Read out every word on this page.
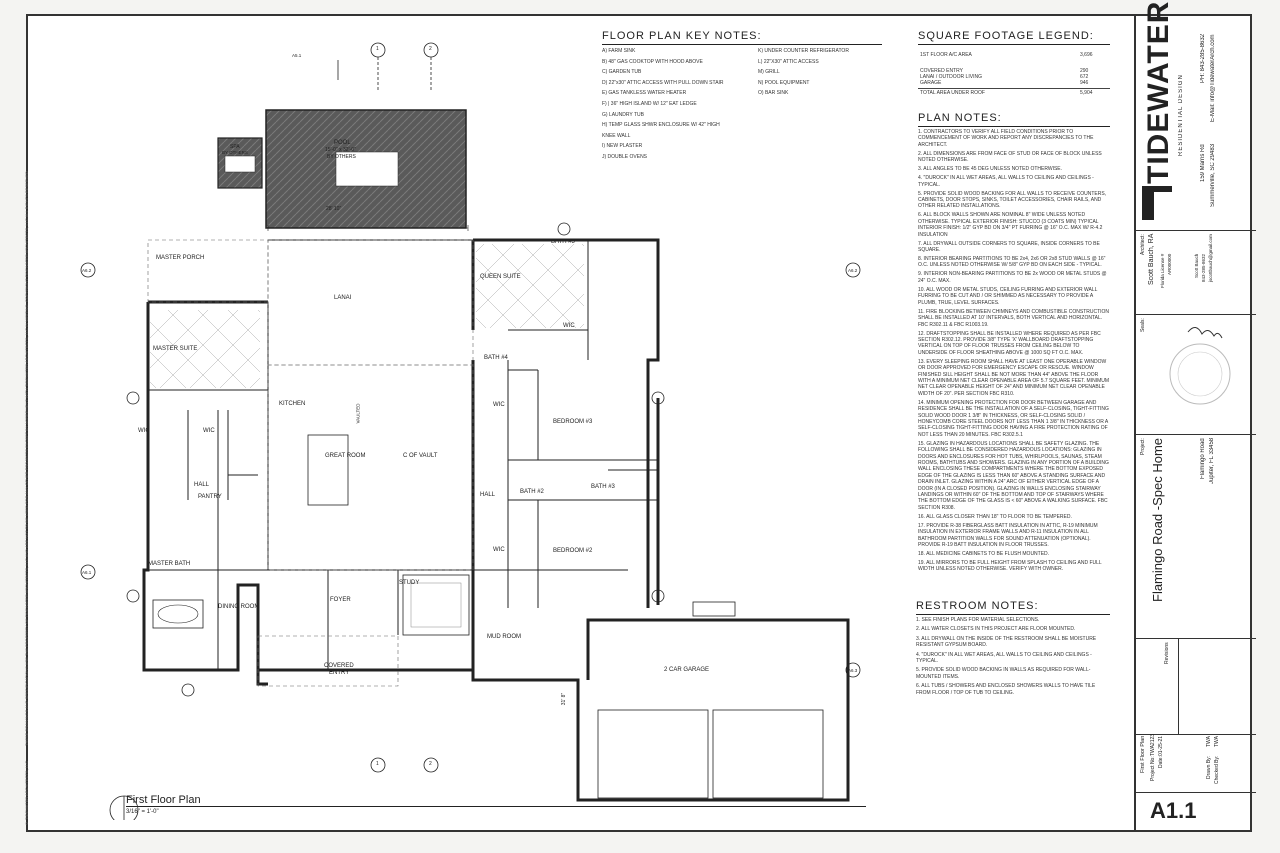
THESE DRAWINGS AND SPECIFICATIONS ARE THE PROPERTY OF TIDEWATER ARCHITECTS, LLC AND ARE NOT TO BE USED FOR ANY OTHER PROJECTS EXCEPT BY AGREEMENT WITH TIDEWATER ARCHITECTS, LLC IN WRITING. COPYRIGHT TIDEWATER ARCHITECTS, LLC ALL RIGHTS RESERVED
© TIDEWATER ARCHITECTS, LLC
POOL
15'-0" x 32'-0"
BY OTHERS
SPA
BY OTHERS
28' 10"
MASTER PORCH
LANAI
QUEEN SUITE
BATH #5
WIC
BATH #4
MASTER SUITE
KITCHEN
GREAT ROOM	C OF VAULT
HALL
HALL
WIC	WIC
WIC
WIC
PANTRY
BEDROOM #3
BATH #2
BATH #3
BEDROOM #2
MASTER BATH
DINING ROOM
FOYER
STUDY
MUD ROOM
COVERED
ENTRY	2 CAR GARAGE
VAULTED
31' 8"
A5.1
A6.2
A6.1
A6.2
A6.3
1	2
1	2
First Floor Plan
3/16" = 1'-0"
FLOOR PLAN KEY NOTES:
A) FARM SINK
B) 48" GAS COOKTOP WITH HOOD ABOVE
C) GARDEN TUB
D) 22"x30" ATTIC ACCESS WITH PULL DOWN STAIR
E) GAS TANKLESS WATER HEATER
F) | 36" HIGH ISLAND W/ 12" EAT LEDGE
G) LAUNDRY TUB
H) TEMP GLASS SHWR ENCLOSURE W/ 42" HIGH
KNEE WALL
I) NEW PLASTER
J) DOUBLE OVENS
K) UNDER COUNTER REFRIGERATOR
L) 22"X30" ATTIC ACCESS
M) GRILL
N) POOL EQUIPMENT
O) BAR SINK
SQUARE FOOTAGE LEGEND:
1ST FLOOR A/C AREA	3,696
COVERED ENTRY	290
LANAI / OUTDOOR LIVING	672
GARAGE	946
TOTAL AREA UNDER ROOF	5,904
PLAN NOTES:
1. CONTRACTORS TO VERIFY ALL FIELD CONDITIONS PRIOR TO COMMENCEMENT OF WORK AND REPORT ANY DISCREPANCIES TO THE ARCHITECT.
2. ALL DIMENSIONS ARE FROM FACE OF STUD OR FACE OF BLOCK UNLESS NOTED OTHERWISE.
3. ALL ANGLES TO BE 45 DEG UNLESS NOTED OTHERWISE.
4. "DUROCK" IN ALL WET AREAS, ALL WALLS TO CEILING AND CEILINGS - TYPICAL.
5. PROVIDE SOLID WOOD BACKING FOR ALL WALLS TO RECEIVE COUNTERS, CABINETS, DOOR STOPS, SINKS, TOILET ACCESSORIES, CHAIR RAILS, AND OTHER RELATED INSTALLATIONS.
6. ALL BLOCK WALLS SHOWN ARE NOMINAL 8" WIDE UNLESS NOTED OTHERWISE. TYPICAL EXTERIOR FINISH: STUCCO (3 COATS MIN) TYPICAL INTERIOR FINISH: 1/2" GYP BD ON 3/4" PT FURRING @ 16" O.C. MAX W/ R-4.2 INSULATION
7. ALL DRYWALL OUTSIDE CORNERS TO SQUARE, INSIDE CORNERS TO BE SQUARE.
8. INTERIOR BEARING PARTITIONS TO BE 2x4, 2x6 OR 2x8 STUD WALLS @ 16" O.C. UNLESS NOTED OTHERWISE W/ 5/8" GYP BD ON EACH SIDE - TYPICAL.
9. INTERIOR NON-BEARING PARTITIONS TO BE 2x WOOD OR METAL STUDS @ 24" O.C. MAX.
10. ALL WOOD OR METAL STUDS, CEILING FURRING AND EXTERIOR WALL FURRING TO BE CUT AND / OR SHIMMED AS NECESSARY TO PROVIDE A PLUMB, TRUE, LEVEL SURFACES.
11. FIRE BLOCKING BETWEEN CHIMNEYS AND COMBUSTIBLE CONSTRUCTION SHALL BE INSTALLED AT 10' INTERVALS, BOTH VERTICAL AND HORIZONTAL. FBC R302.11 & FBC R1003.19.
12. DRAFTSTOPPING SHALL BE INSTALLED WHERE REQUIRED AS PER FBC SECTION R302.12. PROVIDE 3/8" TYPE 'X' WALLBOARD DRAFTSTOPPING VERTICAL ON TOP OF FLOOR TRUSSES FROM CEILING BELOW TO UNDERSIDE OF FLOOR SHEATHING ABOVE @ 1000 SQ FT O.C. MAX.
13. EVERY SLEEPING ROOM SHALL HAVE AT LEAST ONE OPERABLE WINDOW OR DOOR APPROVED FOR EMERGENCY ESCAPE OR RESCUE. WINDOW FINISHED SILL HEIGHT SHALL BE NOT MORE THAN 44" ABOVE THE FLOOR WITH A MINIMUM NET CLEAR OPENABLE AREA OF 5.7 SQUARE FEET. MINIMUM NET CLEAR OPENABLE HEIGHT OF 24" AND MINIMUM NET CLEAR OPENABLE WIDTH OF 20". PER SECTION FBC R310.
14. MINIMUM OPENING PROTECTION FOR DOOR BETWEEN GARAGE AND RESIDENCE SHALL BE THE INSTALLATION OF A SELF-CLOSING, TIGHT-FITTING SOLID WOOD DOOR 1 3/8" IN THICKNESS, OR SELF-CLOSING SOLID / HONEYCOMB CORE STEEL DOORS NOT LESS THAN 1 3/8" IN THICKNESS OR A SELF-CLOSING TIGHT-FITTING DOOR HAVING A FIRE PROTECTION RATING OF NOT LESS THAN 20 MINUTES. FBC R302.5.1
15. GLAZING IN HAZARDOUS LOCATIONS SHALL BE SAFETY GLAZING. THE FOLLOWING SHALL BE CONSIDERED HAZARDOUS LOCATIONS: GLAZING IN DOORS AND ENCLOSURES FOR HOT TUBS, WHIRLPOOLS, SAUNAS, STEAM ROOMS, BATHTUBS AND SHOWERS. GLAZING IN ANY PORTION OF A BUILDING WALL ENCLOSING THESE COMPARTMENTS WHERE THE BOTTOM EXPOSED EDGE OF THE GLAZING IS LESS THAN 60" ABOVE A STANDING SURFACE AND DRAIN INLET. GLAZING WITHIN A 24" ARC OF EITHER VERTICAL EDGE OF A DOOR (IN A CLOSED POSITION). GLAZING IN WALLS ENCLOSING STAIRWAY LANDINGS OR WITHIN 60" OF THE BOTTOM AND TOP OF STAIRWAYS WHERE THE BOTTOM EDGE OF THE GLASS IS < 60" ABOVE A WALKING SURFACE. FBC SECTION R308.
16. ALL GLASS CLOSER THAN 18" TO FLOOR TO BE TEMPERED.
17. PROVIDE R-38 FIBERGLASS BATT INSULATION IN ATTIC, R-19 MINIMUM INSULATION IN EXTERIOR FRAME WALLS AND R-11 INSULATION IN ALL BATHROOM PARTITION WALLS FOR SOUND ATTENUATION (OPTIONAL). PROVIDE R-19 BATT INSULATION IN FLOOR TRUSSES.
18. ALL MEDICINE CABINETS TO BE FLUSH MOUNTED.
19. ALL MIRRORS TO BE FULL HEIGHT FROM SPLASH TO CEILING AND FULL WIDTH UNLESS NOTED OTHERWISE. VERIFY WITH OWNER.
RESTROOM NOTES:
1. SEE FINISH PLANS FOR MATERIAL SELECTIONS.
2. ALL WATER CLOSETS IN THIS PROJECT ARE FLOOR MOUNTED.
3. ALL DRYWALL ON THE INSIDE OF THE RESTROOM SHALL BE MOISTURE RESISTANT GYPSUM BOARD.
4. "DUROCK" IN ALL WET AREAS, ALL WALLS TO CEILING AND CEILINGS - TYPICAL.
5. PROVIDE SOLID WOOD BACKING IN WALLS AS REQUIRED FOR WALL-MOUNTED ITEMS.
6. ALL TUBS / SHOWERS AND ENCLOSED SHOWERS WALLS TO HAVE TILE FROM FLOOR / TOP OF TUB TO CEILING.
TIDEWATER RESIDENTIAL DESIGN
159 Marris Rd Summerville, SC 29483
PH: 843-285-8632 E-Mail: info@TidewaterArch.com
Architect: Scott Bauch, RA Florida License # AR000000	Scott Bauch 843-285-8632 jscottbauch@gmail.com
Seals:
Project: Flamingo Road -Spec Home	Flamingo Road Jupiter, FL 33458
Revisions
First Floor Plan Project No:
TWA2123
Date:
01-25-21
Drawn By:
TWA
Checked By:
TWA
A1.1
